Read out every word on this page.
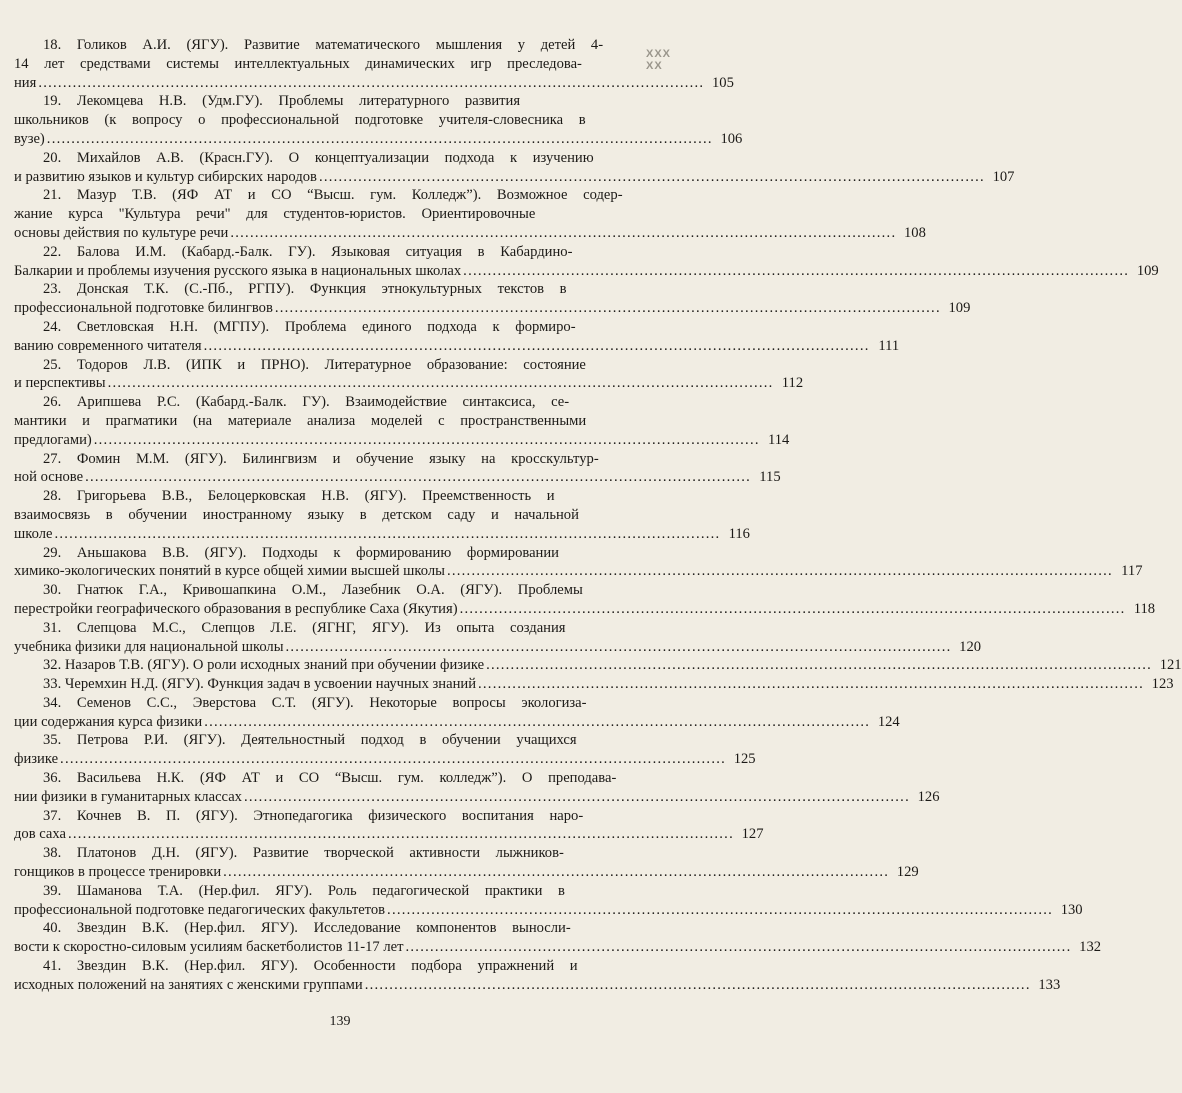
18. Голиков А.И. (ЯГУ). Развитие математического мышления у детей 4-
14 лет средствами системы интеллектуальных динамических игр преследова-
ния . . .	105
19. Лекомцева Н.В. (Удм.ГУ). Проблемы литературного развития
школьников (к вопросу о профессиональной подготовке учителя-словесника в
вузе) . . .	106
20. Михайлов А.В. (Красн.ГУ). О концептуализации подхода к изучению
и развитию языков и культур сибирских народов . . .	107
21. Мазур Т.В. (ЯФ АТ и СО “Высш. гум. Колледж”). Возможное содер-
жание курса "Культура речи" для студентов-юристов. Ориентировочные
основы действия по культуре речи . . .	108
22. Балова И.М. (Кабард.-Балк. ГУ). Языковая ситуация в Кабардино-
Балкарии и проблемы изучения русского языка в национальных школах . . .	109
23. Донская Т.К. (С.-Пб., РГПУ). Функция этнокультурных текстов в
профессиональной подготовке билингвов . . .	109
24. Светловская Н.Н. (МГПУ). Проблема единого подхода к формиро-
ванию современного читателя . . .	111
25. Тодоров Л.В. (ИПК и ПРНО). Литературное образование: состояние
и перспективы . . .	112
26. Арипшева Р.С. (Кабард.-Балк. ГУ). Взаимодействие синтаксиса, се-
мантики и прагматики (на материале анализа моделей с пространственными
предлогами) . . .	114
27. Фомин М.М. (ЯГУ). Билингвизм и обучение языку на кросскультур-
ной основе . . .	115
28. Григорьева В.В., Белоцерковская Н.В. (ЯГУ). Преемственность и
взаимосвязь в обучении иностранному языку в детском саду и начальной
школе . . .	116
29. Аньшакова В.В. (ЯГУ). Подходы к формированию формировании
химико-экологических понятий в курсе общей химии высшей школы . . .	117
30. Гнатюк Г.А., Кривошапкина О.М., Лазебник О.А. (ЯГУ). Проблемы
перестройки географического образования в республике Саха (Якутия) . . .	118
31. Слепцова М.С., Слепцов Л.Е. (ЯГНГ, ЯГУ). Из опыта создания
учебника физики для национальной школы . . .	120
32. Назаров Т.В. (ЯГУ). О роли исходных знаний при обучении физике . . .	121
33. Черемхин Н.Д. (ЯГУ). Функция задач в усвоении научных знаний . . .	123
34. Семенов С.С., Эверстова С.Т. (ЯГУ). Некоторые вопросы экологиза-
ции содержания курса физики . . .	124
35. Петрова Р.И. (ЯГУ). Деятельностный подход в обучении учащихся
физике . . .	125
36. Васильева Н.К. (ЯФ АТ и СО “Высш. гум. колледж”). О преподава-
нии физики в гуманитарных классах . . .	126
37. Кочнев В. П. (ЯГУ). Этнопедагогика физического воспитания наро-
дов саха . . .	127
38. Платонов Д.Н. (ЯГУ). Развитие творческой активности лыжников-
гонщиков в процессе тренировки . . .	129
39. Шаманова Т.А. (Нер.фил. ЯГУ). Роль педагогической практики в
профессиональной подготовке педагогических факультетов . . .	130
40. Звездин В.К. (Нер.фил. ЯГУ). Исследование компонентов выносли-
вости к скоростно-силовым усилиям баскетболистов 11-17 лет . . .	132
41. Звездин В.К. (Нер.фил. ЯГУ). Особенности подбора упражнений и
исходных положений на занятиях с женскими группами . . .	133
139
ХХХ
ХХ
